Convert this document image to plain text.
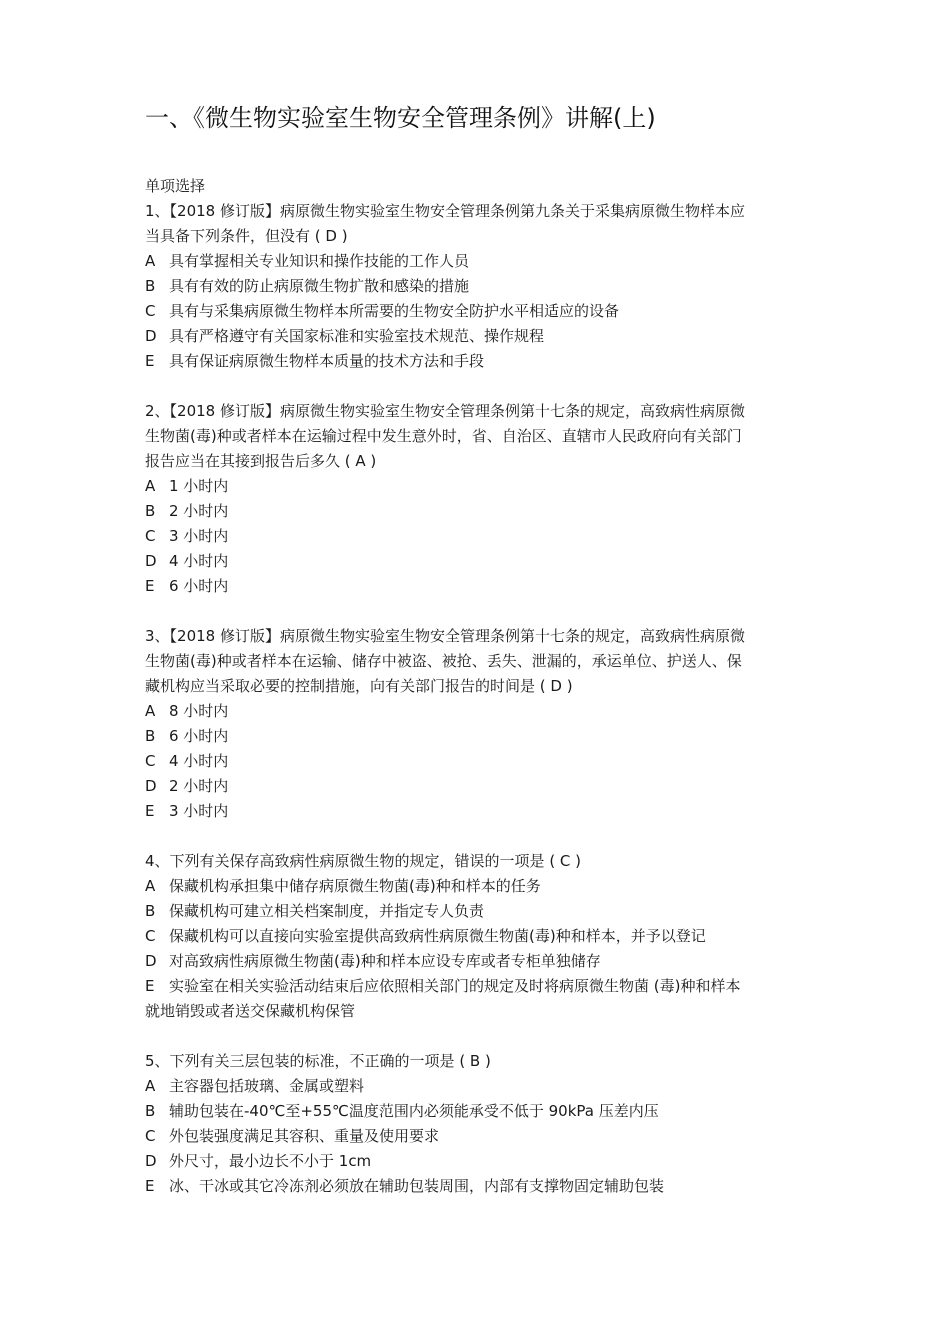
一、《微生物实验室生物安全管理条例》讲解(上)
单项选择
1、【2018 修订版】病原微生物实验室生物安全管理条例第九条关于采集病原微生物样本应
当具备下列条件，但没有 ( D )
A 具有掌握相关专业知识和操作技能的工作人员
B 具有有效的防止病原微生物扩散和感染的措施
C 具有与采集病原微生物样本所需要的生物安全防护水平相适应的设备
D 具有严格遵守有关国家标准和实验室技术规范、操作规程
E 具有保证病原微生物样本质量的技术方法和手段
2、【2018 修订版】病原微生物实验室生物安全管理条例第十七条的规定，高致病性病原微
生物菌(毒)种或者样本在运输过程中发生意外时，省、自治区、直辖市人民政府向有关部门
报告应当在其接到报告后多久 ( A )
A 1 小时内
B 2 小时内
C 3 小时内
D 4 小时内
E 6 小时内
3、【2018 修订版】病原微生物实验室生物安全管理条例第十七条的规定，高致病性病原微
生物菌(毒)种或者样本在运输、储存中被盗、被抢、丢失、泄漏的，承运单位、护送人、保
藏机构应当采取必要的控制措施，向有关部门报告的时间是 ( D )
A 8 小时内
B 6 小时内
C 4 小时内
D 2 小时内
E 3 小时内
4、下列有关保存高致病性病原微生物的规定，错误的一项是 ( C )
A 保藏机构承担集中储存病原微生物菌(毒)种和样本的任务
B 保藏机构可建立相关档案制度，并指定专人负责
C 保藏机构可以直接向实验室提供高致病性病原微生物菌(毒)种和样本，并予以登记
D 对高致病性病原微生物菌(毒)种和样本应设专库或者专柜单独储存
E 实验室在相关实验活动结束后应依照相关部门的规定及时将病原微生物菌 (毒)种和样本
就地销毁或者送交保藏机构保管
5、下列有关三层包装的标准，不正确的一项是 ( B )
A 主容器包括玻璃、金属或塑料
B 辅助包装在-40℃至+55℃温度范围内必须能承受不低于 90kPa 压差内压
C 外包装强度满足其容积、重量及使用要求
D 外尺寸，最小边长不小于 1cm
E 冰、干冰或其它冷冻剂必须放在辅助包装周围，内部有支撑物固定辅助包装
